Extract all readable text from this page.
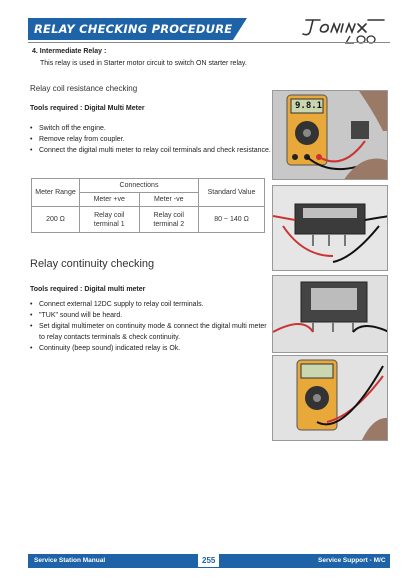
RELAY CHECKING PROCEDURE
4. Intermediate Relay :
This relay is used in Starter motor circuit to switch ON starter relay.
Relay coil resistance checking
Tools required : Digital Multi Meter
• Switch off the engine.
• Remove relay from coupler.
• Connect the digital multi meter to relay coil terminals and check resistance.
9.8.1
Meter Range	Connections		Standard Value
	Meter +ve	Meter -ve	
200 Ω	Relay coil terminal 1	Relay coil terminal 2	80 ~ 140 Ω
Relay continuity checking
Tools required : Digital multi meter
• Connect external 12DC supply to relay coil terminals.
• "TUK" sound will be heard.
• Set digital multimeter on continuity mode & connect the digital multi meter to relay contacts terminals & check continuity.
• Continuity (beep sound) indicated relay is Ok.
Service Station Manual	255	Service Support - M/C
